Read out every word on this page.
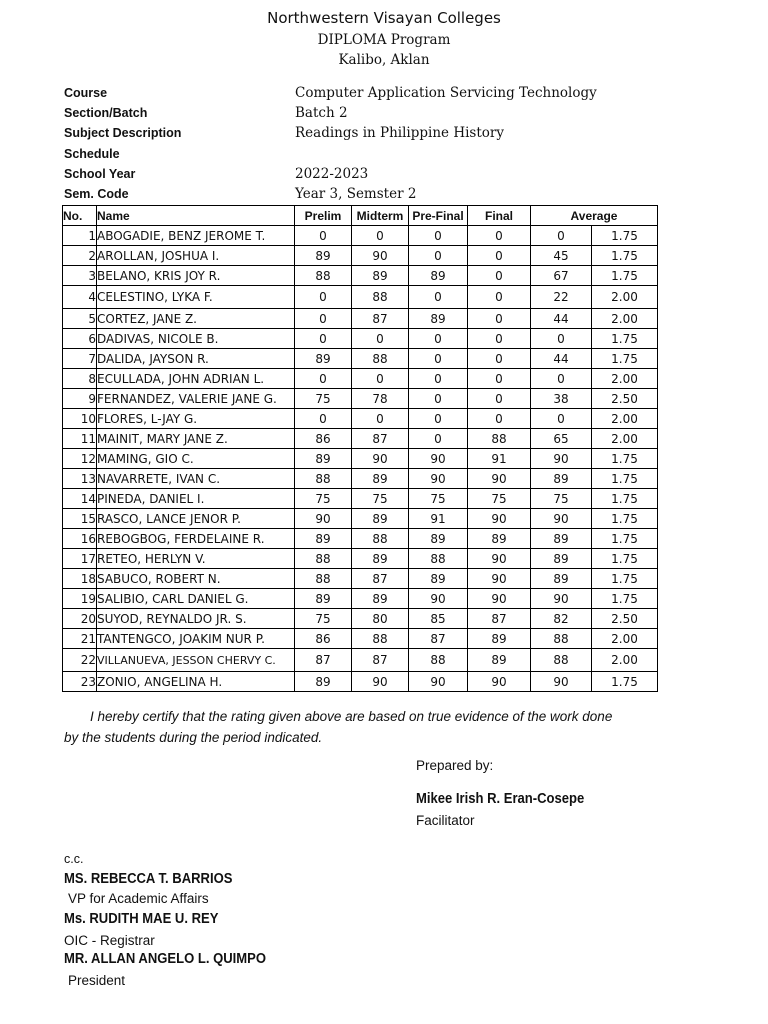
Northwestern Visayan Colleges
DIPLOMA Program
Kalibo, Aklan
Course	Computer Application Servicing Technology
Section/Batch	Batch 2
Subject Description	Readings in Philippine History
Schedule
School Year	2022-2023
Sem. Code	Year 3, Semster 2
No.	Name	Prelim	Midterm	Pre-Final	Final	Average	
1	ABOGADIE, BENZ JEROME T.	0	0	0	0	0	1.75
2	AROLLAN, JOSHUA I.	89	90	0	0	45	1.75
3	BELANO, KRIS JOY R.	88	89	89	0	67	1.75
4	CELESTINO, LYKA F.	0	88	0	0	22	2.00
5	CORTEZ, JANE Z.	0	87	89	0	44	2.00
6	DADIVAS, NICOLE B.	0	0	0	0	0	1.75
7	DALIDA, JAYSON R.	89	88	0	0	44	1.75
8	ECULLADA, JOHN ADRIAN L.	0	0	0	0	0	2.00
9	FERNANDEZ, VALERIE JANE G.	75	78	0	0	38	2.50
10	FLORES, L-JAY G.	0	0	0	0	0	2.00
11	MAINIT, MARY JANE Z.	86	87	0	88	65	2.00
12	MAMING, GIO C.	89	90	90	91	90	1.75
13	NAVARRETE, IVAN C.	88	89	90	90	89	1.75
14	PINEDA, DANIEL I.	75	75	75	75	75	1.75
15	RASCO, LANCE JENOR P.	90	89	91	90	90	1.75
16	REBOGBOG, FERDELAINE R.	89	88	89	89	89	1.75
17	RETEO, HERLYN V.	88	89	88	90	89	1.75
18	SABUCO, ROBERT N.	88	87	89	90	89	1.75
19	SALIBIO, CARL DANIEL G.	89	89	90	90	90	1.75
20	SUYOD, REYNALDO JR. S.	75	80	85	87	82	2.50
21	TANTENGCO, JOAKIM NUR P.	86	88	87	89	88	2.00
22	VILLANUEVA, JESSON CHERVY C.	87	87	88	89	88	2.00
23	ZONIO, ANGELINA H.	89	90	90	90	90	1.75
I hereby certify that the rating given above are based on true evidence of the work done
by the students during the period indicated.
Prepared by:
Mikee Irish R. Eran-Cosepe
Facilitator
c.c.
MS. REBECCA T. BARRIOS
VP for Academic Affairs
Ms. RUDITH MAE U. REY
OIC - Registrar
MR. ALLAN ANGELO L. QUIMPO
President
